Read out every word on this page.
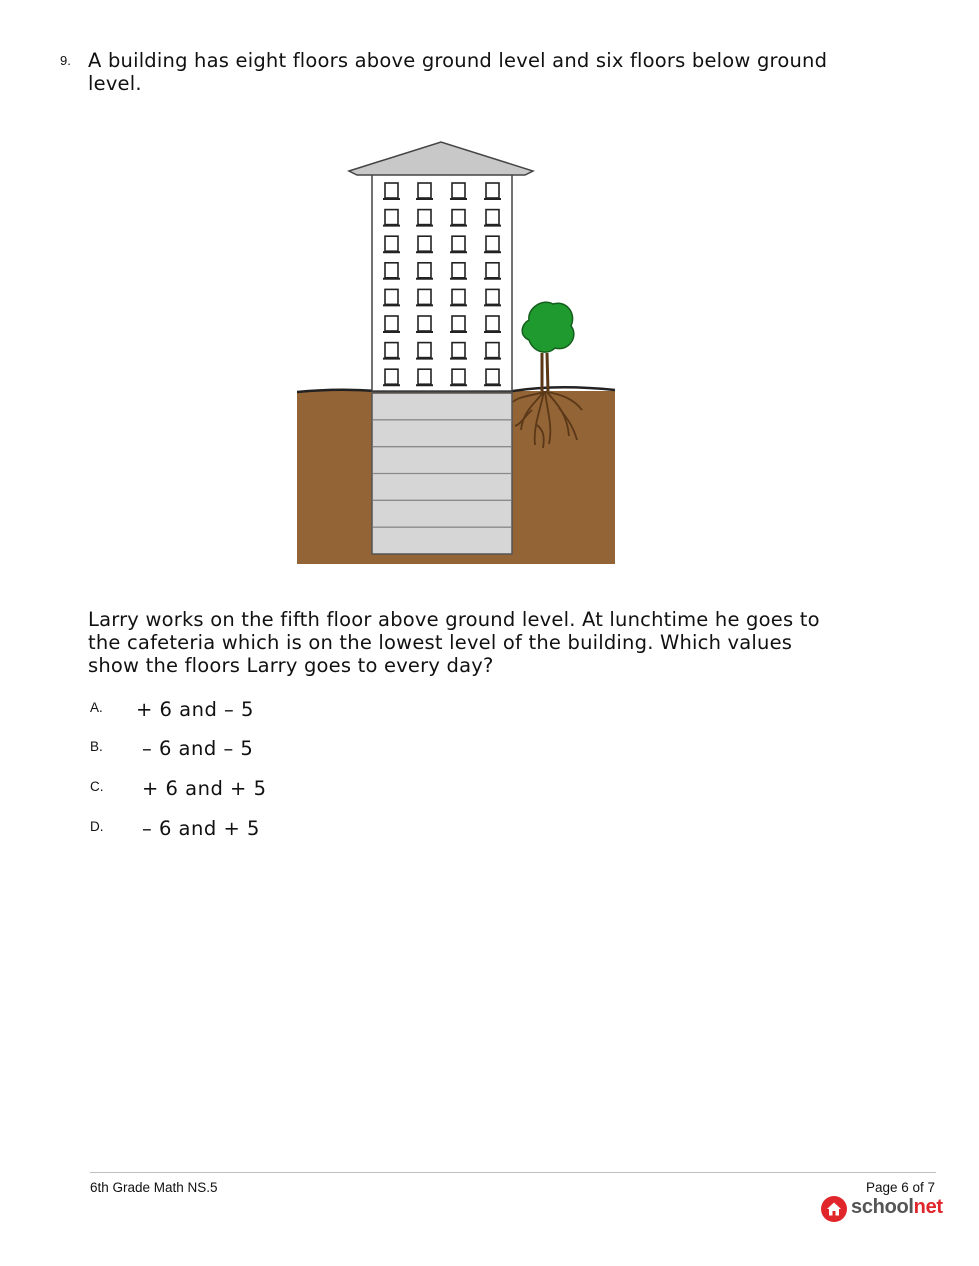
9. A building has eight floors above ground level and six floors below ground level.
Larry works on the fifth floor above ground level. At lunchtime he goes to the cafeteria which is on the lowest level of the building. Which values show the floors Larry goes to every day?
A. + 6 and – 5
B. – 6 and – 5
C. + 6 and + 5
D. – 6 and + 5
6th Grade Math NS.5	Page 6 of 7
schoolnet
